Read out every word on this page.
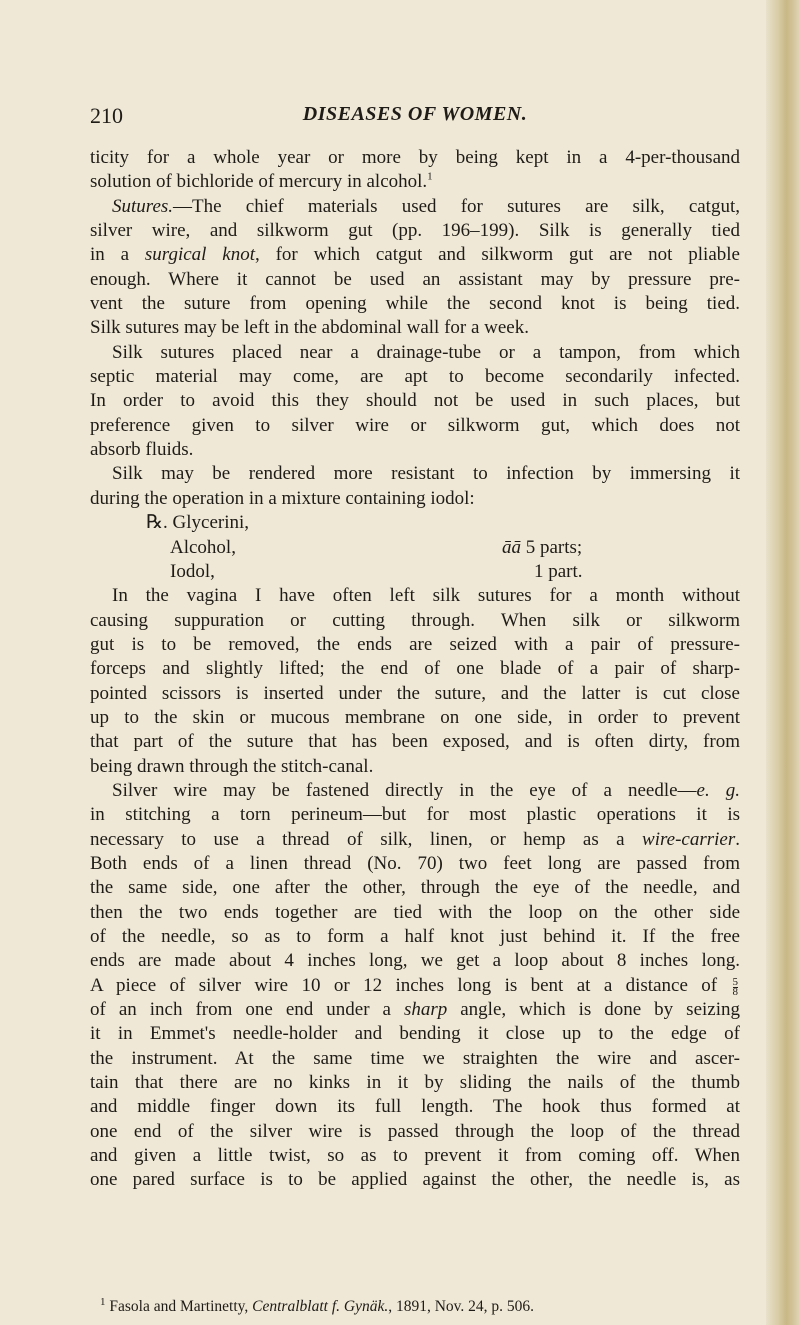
210	DISEASES OF WOMEN.
ticity for a whole year or more by being kept in a 4-per-thousand
solution of bichloride of mercury in alcohol.$^1$
Sutures.—The chief materials used for sutures are silk, catgut,
silver wire, and silkworm gut (pp. 196–199). Silk is generally tied
in a surgical knot, for which catgut and silkworm gut are not pliable
enough. Where it cannot be used an assistant may by pressure pre-
vent the suture from opening while the second knot is being tied.
Silk sutures may be left in the abdominal wall for a week.
Silk sutures placed near a drainage-tube or a tampon, from which
septic material may come, are apt to become secondarily infected.
In order to avoid this they should not be used in such places, but
preference given to silver wire or silkworm gut, which does not
absorb fluids.
Silk may be rendered more resistant to infection by immersing it
during the operation in a mixture containing iodol:
℞. Glycerini,
Alcohol,	āā 5 parts;
Iodol,	1 part.
In the vagina I have often left silk sutures for a month without
causing suppuration or cutting through. When silk or silkworm
gut is to be removed, the ends are seized with a pair of pressure-
forceps and slightly lifted; the end of one blade of a pair of sharp-
pointed scissors is inserted under the suture, and the latter is cut close
up to the skin or mucous membrane on one side, in order to prevent
that part of the suture that has been exposed, and is often dirty, from
being drawn through the stitch-canal.
Silver wire may be fastened directly in the eye of a needle—e. g.
in stitching a torn perineum—but for most plastic operations it is
necessary to use a thread of silk, linen, or hemp as a wire-carrier.
Both ends of a linen thread (No. 70) two feet long are passed from
the same side, one after the other, through the eye of the needle, and
then the two ends together are tied with the loop on the other side
of the needle, so as to form a half knot just behind it. If the free
ends are made about 4 inches long, we get a loop about 8 inches long.
A piece of silver wire 10 or 12 inches long is bent at a distance of $\frac{5}{8}$
of an inch from one end under a sharp angle, which is done by seizing
it in Emmet's needle-holder and bending it close up to the edge of
the instrument. At the same time we straighten the wire and ascer-
tain that there are no kinks in it by sliding the nails of the thumb
and middle finger down its full length. The hook thus formed at
one end of the silver wire is passed through the loop of the thread
and given a little twist, so as to prevent it from coming off. When
one pared surface is to be applied against the other, the needle is, as
$^1$ Fasola and Martinetty, Centralblatt f. Gynäk., 1891, Nov. 24, p. 506.
